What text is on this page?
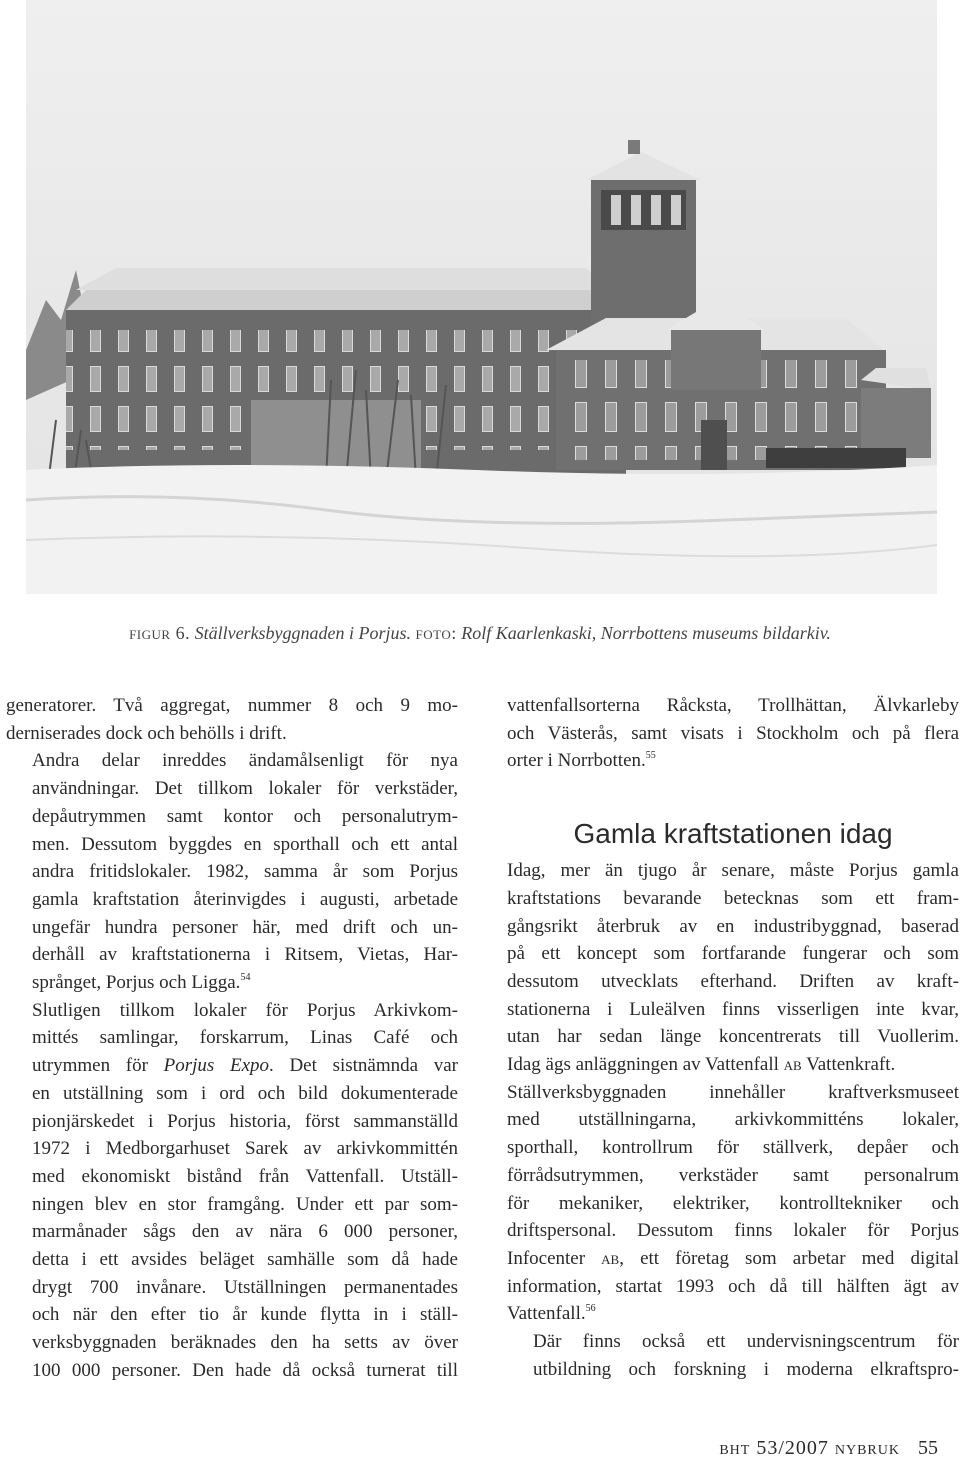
figur 6. Ställverksbyggnaden i Porjus. foto: Rolf Kaarlenkaski, Norrbottens museums bildarkiv.

generatorer. Två aggregat, nummer 8 och 9 mo-
derniserades dock och behölls i drift.

Andra delar inreddes ändamålsenligt för nya
användningar. Det tillkom lokaler för verkstäder,
depåutrymmen samt kontor och personalutrym-
men. Dessutom byggdes en sporthall och ett antal
andra fritidslokaler. 1982, samma år som Porjus
gamla kraftstation återinvigdes i augusti, arbetade
ungefär hundra personer här, med drift och un-
derhåll av kraftstationerna i Ritsem, Vietas, Har-
språnget, Porjus och Ligga.$^{54}$

Slutligen tillkom lokaler för Porjus Arkivkom-
mittés samlingar, forskarrum, Linas Café och
utrymmen för Porjus Expo. Det sistnämnda var
en utställning som i ord och bild dokumenterade
pionjärskedet i Porjus historia, först sammanställd
1972 i Medborgarhuset Sarek av arkivkommittén
med ekonomiskt bistånd från Vattenfall. Utställ-
ningen blev en stor framgång. Under ett par som-
marmånader sågs den av nära 6 000 personer,
detta i ett avsides beläget samhälle som då hade
drygt 700 invånare. Utställningen permanentades
och när den efter tio år kunde flytta in i ställ-
verksbyggnaden beräknades den ha setts av över
100 000 personer. Den hade då också turnerat till

vattenfallsorterna Råcksta, Trollhättan, Älvkarleby
och Västerås, samt visats i Stockholm och på flera
orter i Norrbotten.$^{55}$

Gamla kraftstationen idag

Idag, mer än tjugo år senare, måste Porjus gamla
kraftstations bevarande betecknas som ett fram-
gångsrikt återbruk av en industribyggnad, baserad
på ett koncept som fortfarande fungerar och som
dessutom utvecklats efterhand. Driften av kraft-
stationerna i Luleälven finns visserligen inte kvar,
utan har sedan länge koncentrerats till Vuollerim.
Idag ägs anläggningen av Vattenfall ab Vattenkraft.
Ställverksbyggnaden innehåller kraftverksmuseet
med utställningarna, arkivkommitténs lokaler,
sporthall, kontrollrum för ställverk, depåer och
förrådsutrymmen, verkstäder samt personalrum
för mekaniker, elektriker, kontrolltekniker och
driftspersonal. Dessutom finns lokaler för Porjus
Infocenter ab, ett företag som arbetar med digital
information, startat 1993 och då till hälften ägt av
Vattenfall.$^{56}$

Där finns också ett undervisningscentrum för
utbildning och forskning i moderna elkraftspro-

bht 53/2007 nybruk 55
